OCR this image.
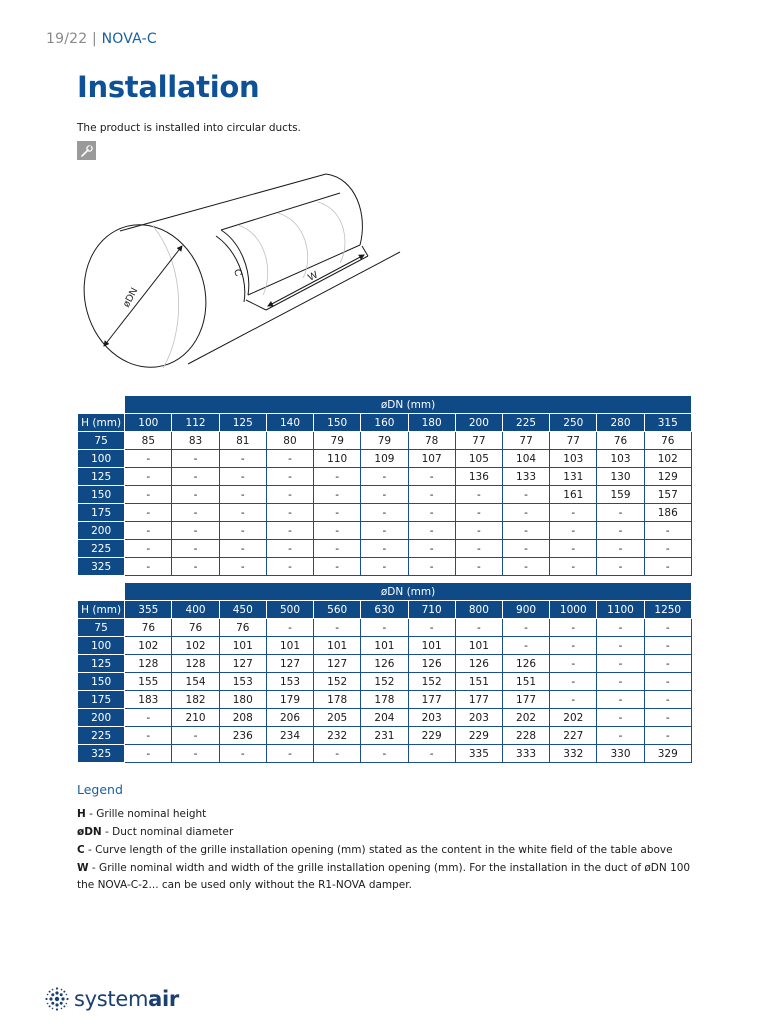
19/22 | NOVA-C
Installation

The product is installed into circular ducts.

øDN
C	W
	øDN (mm)											
H (mm)	100	112	125	140	150	160	180	200	225	250	280	315
75	85	83	81	80	79	79	78	77	77	77	76	76
100	-	-	-	-	110	109	107	105	104	103	103	102
125	-	-	-	-	-	-	-	136	133	131	130	129
150	-	-	-	-	-	-	-	-	-	161	159	157
175	-	-	-	-	-	-	-	-	-	-	-	186
200	-	-	-	-	-	-	-	-	-	-	-	-
225	-	-	-	-	-	-	-	-	-	-	-	-
325	-	-	-	-	-	-	-	-	-	-	-	-
	øDN (mm)											
H (mm)	355	400	450	500	560	630	710	800	900	1000	1100	1250
75	76	76	76	-	-	-	-	-	-	-	-	-
100	102	102	101	101	101	101	101	101	-	-	-	-
125	128	128	127	127	127	126	126	126	126	-	-	-
150	155	154	153	153	152	152	152	151	151	-	-	-
175	183	182	180	179	178	178	177	177	177	-	-	-
200	-	210	208	206	205	204	203	203	202	202	-	-
225	-	-	236	234	232	231	229	229	228	227	-	-
325	-	-	-	-	-	-	-	335	333	332	330	329
Legend

H - Grille nominal height

øDN - Duct nominal diameter

C - Curve length of the grille installation opening (mm) stated as the content in the white field of the table above

W - Grille nominal width and width of the grille installation opening (mm). For the installation in the duct of øDN 100 the NOVA-C-2... can be used only without the R1-NOVA damper.

systemair
